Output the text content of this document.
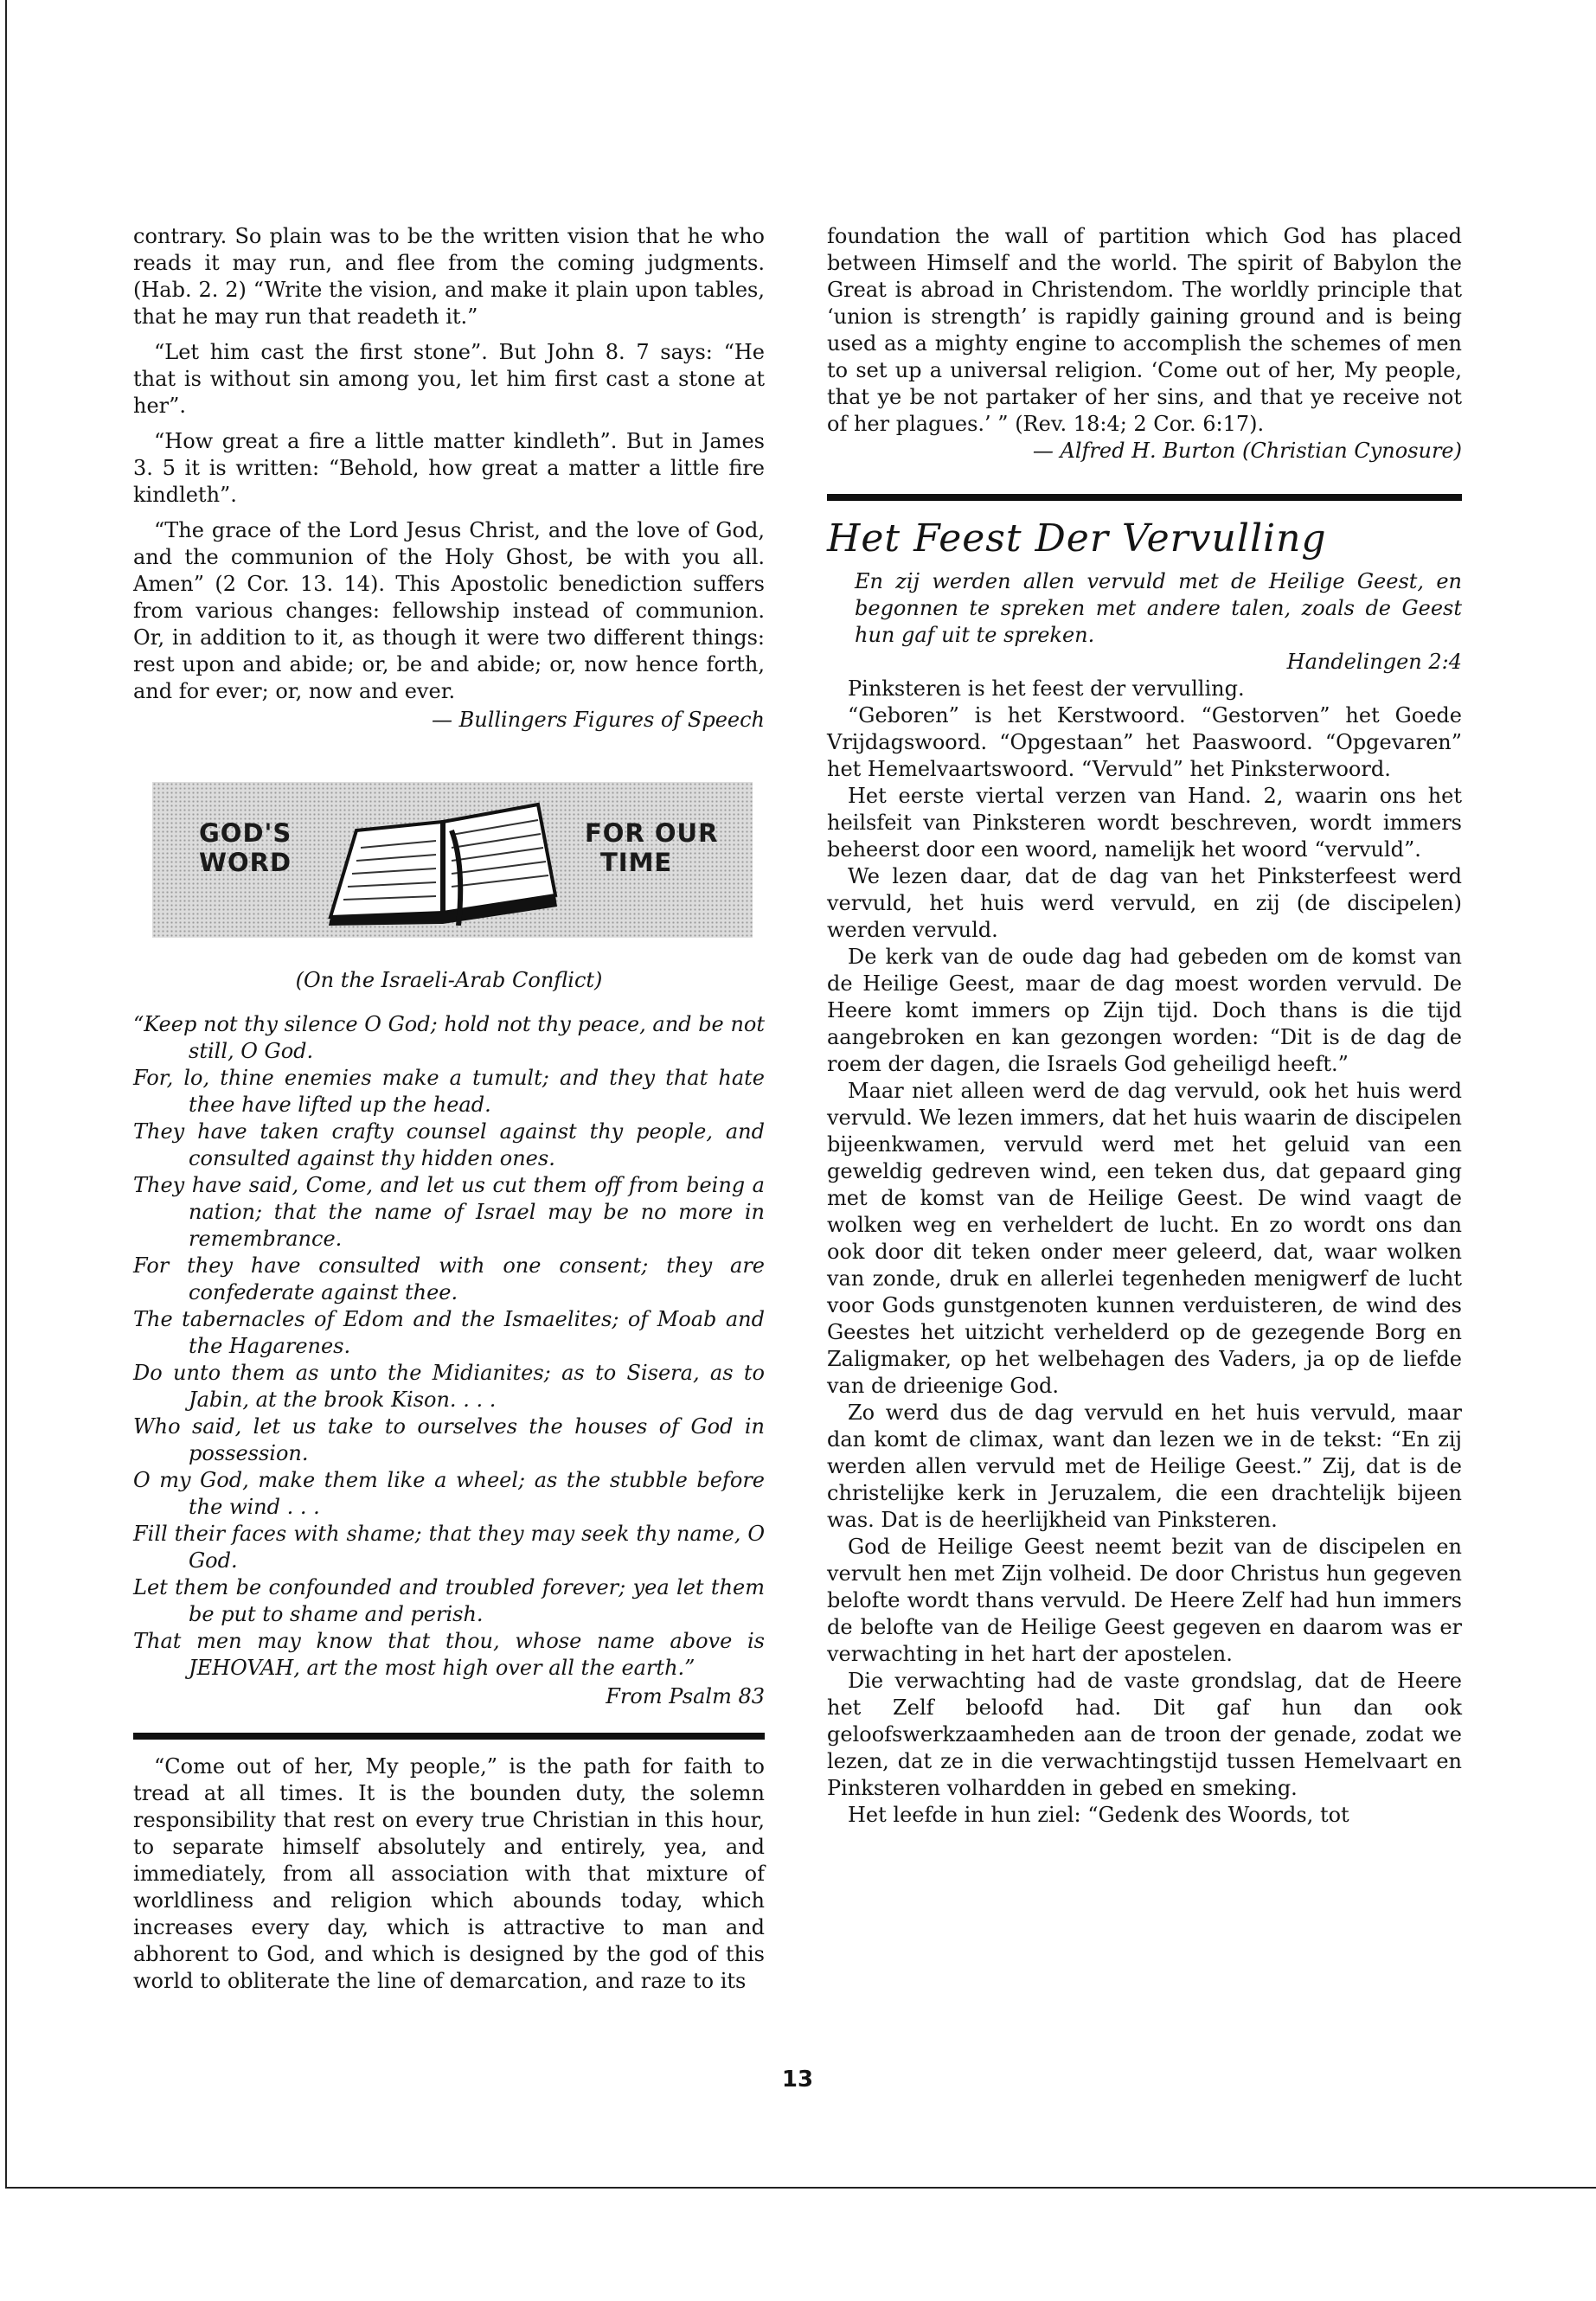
contrary. So plain was to be the written vision that he who reads it may run, and flee from the coming judgments. (Hab. 2. 2) “Write the vision, and make it plain upon tables, that he may run that readeth it.”

“Let him cast the first stone”. But John 8. 7 says: “He that is without sin among you, let him first cast a stone at her”.

“How great a fire a little matter kindleth”. But in James 3. 5 it is written: “Behold, how great a matter a little fire kindleth”.

“The grace of the Lord Jesus Christ, and the love of God, and the communion of the Holy Ghost, be with you all. Amen” (2 Cor. 13. 14). This Apostolic benediction suffers from various changes: fellowship instead of communion. Or, in addition to it, as though it were two different things: rest upon and abide; or, be and abide; or, now hence forth, and for ever; or, now and ever.

— Bullingers Figures of Speech
GOD'S
WORD
FOR OUR
TIME
(On the Israeli-Arab Conflict)

“Keep not thy silence O God; hold not thy peace, and be not still, O God.

For, lo, thine enemies make a tumult; and they that hate thee have lifted up the head.

They have taken crafty counsel against thy people, and consulted against thy hidden ones.

They have said, Come, and let us cut them off from being a nation; that the name of Israel may be no more in remembrance.

For they have consulted with one consent; they are confederate against thee.

The tabernacles of Edom and the Ismaelites; of Moab and the Hagarenes.

Do unto them as unto the Midianites; as to Sisera, as to Jabin, at the brook Kison. . . .

Who said, let us take to ourselves the houses of God in possession.

O my God, make them like a wheel; as the stubble before the wind . . .

Fill their faces with shame; that they may seek thy name, O God.

Let them be confounded and troubled forever; yea let them be put to shame and perish.

That men may know that thou, whose name above is JEHOVAH, art the most high over all the earth.”

From Psalm 83

“Come out of her, My people,” is the path for faith to tread at all times. It is the bounden duty, the solemn responsibility that rest on every true Christian in this hour, to separate himself absolutely and entirely, yea, and immediately, from all association with that mixture of worldliness and religion which abounds today, which increases every day, which is attractive to man and abhorent to God, and which is designed by the god of this world to obliterate the line of demarcation, and raze to its

foundation the wall of partition which God has placed between Himself and the world. The spirit of Babylon the Great is abroad in Christendom. The worldly principle that ‘union is strength’ is rapidly gaining ground and is being used as a mighty engine to accomplish the schemes of men to set up a universal religion. ‘Come out of her, My people, that ye be not partaker of her sins, and that ye receive not of her plagues.’ ” (Rev. 18:4; 2 Cor. 6:17).

— Alfred H. Burton (Christian Cynosure)
Het Feest Der Vervulling

En zij werden allen vervuld met de Heilige Geest, en begonnen te spreken met andere talen, zoals de Geest hun gaf uit te spreken.

Handelingen 2:4

Pinksteren is het feest der vervulling.

“Geboren” is het Kerstwoord. “Gestorven” het Goede Vrijdagswoord. “Opgestaan” het Paaswoord. “Opgevaren” het Hemelvaartswoord. “Vervuld” het Pinksterwoord.

Het eerste viertal verzen van Hand. 2, waarin ons het heilsfeit van Pinksteren wordt beschreven, wordt immers beheerst door een woord, namelijk het woord “vervuld”.

We lezen daar, dat de dag van het Pinksterfeest werd vervuld, het huis werd vervuld, en zij (de discipelen) werden vervuld.

De kerk van de oude dag had gebeden om de komst van de Heilige Geest, maar de dag moest worden vervuld. De Heere komt immers op Zijn tijd. Doch thans is die tijd aangebroken en kan gezongen worden: “Dit is de dag de roem der dagen, die Israels God geheiligd heeft.”

Maar niet alleen werd de dag vervuld, ook het huis werd vervuld. We lezen immers, dat het huis waarin de discipelen bijeenkwamen, vervuld werd met het geluid van een geweldig gedreven wind, een teken dus, dat gepaard ging met de komst van de Heilige Geest. De wind vaagt de wolken weg en verheldert de lucht. En zo wordt ons dan ook door dit teken onder meer geleerd, dat, waar wolken van zonde, druk en allerlei tegenheden menigwerf de lucht voor Gods gunstgenoten kunnen verduisteren, de wind des Geestes het uitzicht verhelderd op de gezegende Borg en Zaligmaker, op het welbehagen des Vaders, ja op de liefde van de drieenige God.

Zo werd dus de dag vervuld en het huis vervuld, maar dan komt de climax, want dan lezen we in de tekst: “En zij werden allen vervuld met de Heilige Geest.” Zij, dat is de christelijke kerk in Jeruzalem, die een drachtelijk bijeen was. Dat is de heerlijkheid van Pinksteren.

God de Heilige Geest neemt bezit van de discipelen en vervult hen met Zijn volheid. De door Christus hun gegeven belofte wordt thans vervuld. De Heere Zelf had hun immers de belofte van de Heilige Geest gegeven en daarom was er verwachting in het hart der apostelen.

Die verwachting had de vaste grondslag, dat de Heere het Zelf beloofd had. Dit gaf hun dan ook geloofswerkzaamheden aan de troon der genade, zodat we lezen, dat ze in die verwachtingstijd tussen Hemelvaart en Pinksteren volhardden in gebed en smeking.

Het leefde in hun ziel: “Gedenk des Woords, tot

13
